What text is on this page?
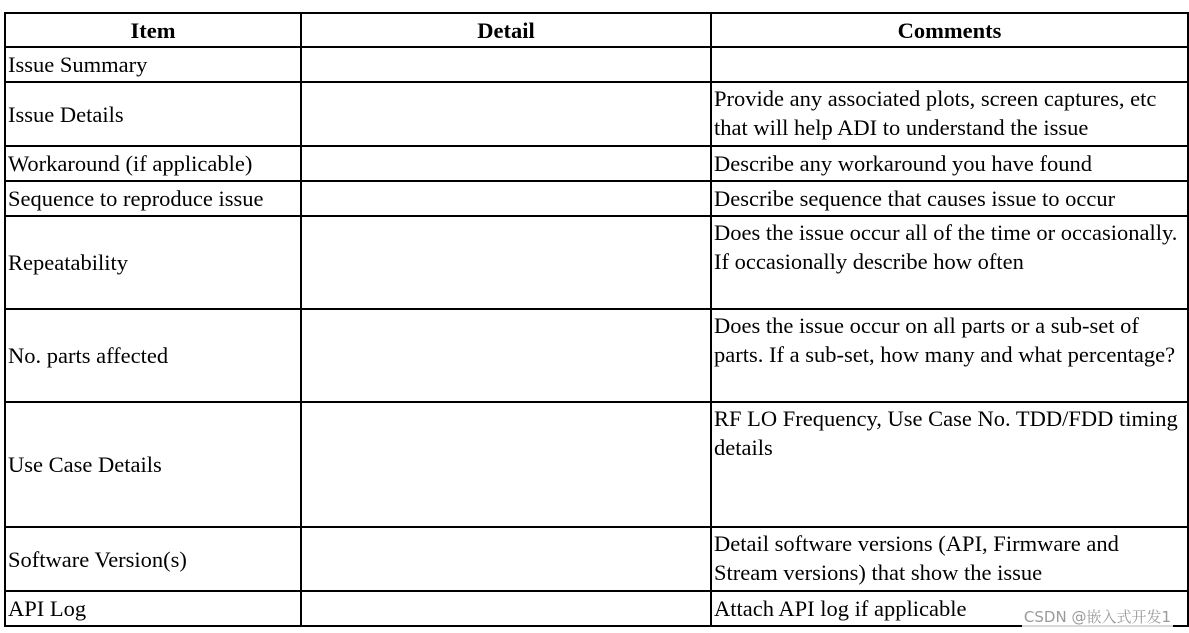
Item	Detail	Comments
Issue Summary		
Issue Details		Provide any associated plots, screen captures, etc that will help ADI to understand the issue
Workaround (if applicable)		Describe any workaround you have found
Sequence to reproduce issue		Describe sequence that causes issue to occur
Repeatability		Does the issue occur all of the time or occasionally. If occasionally describe how often
No. parts affected		Does the issue occur on all parts or a sub-set of parts. If a sub-set, how many and what percentage?
Use Case Details		RF LO Frequency, Use Case No. TDD/FDD timing details
Software Version(s)		Detail software versions (API, Firmware and Stream versions) that show the issue
API Log		Attach API log if applicable	CSDN @嵌入式开发1
